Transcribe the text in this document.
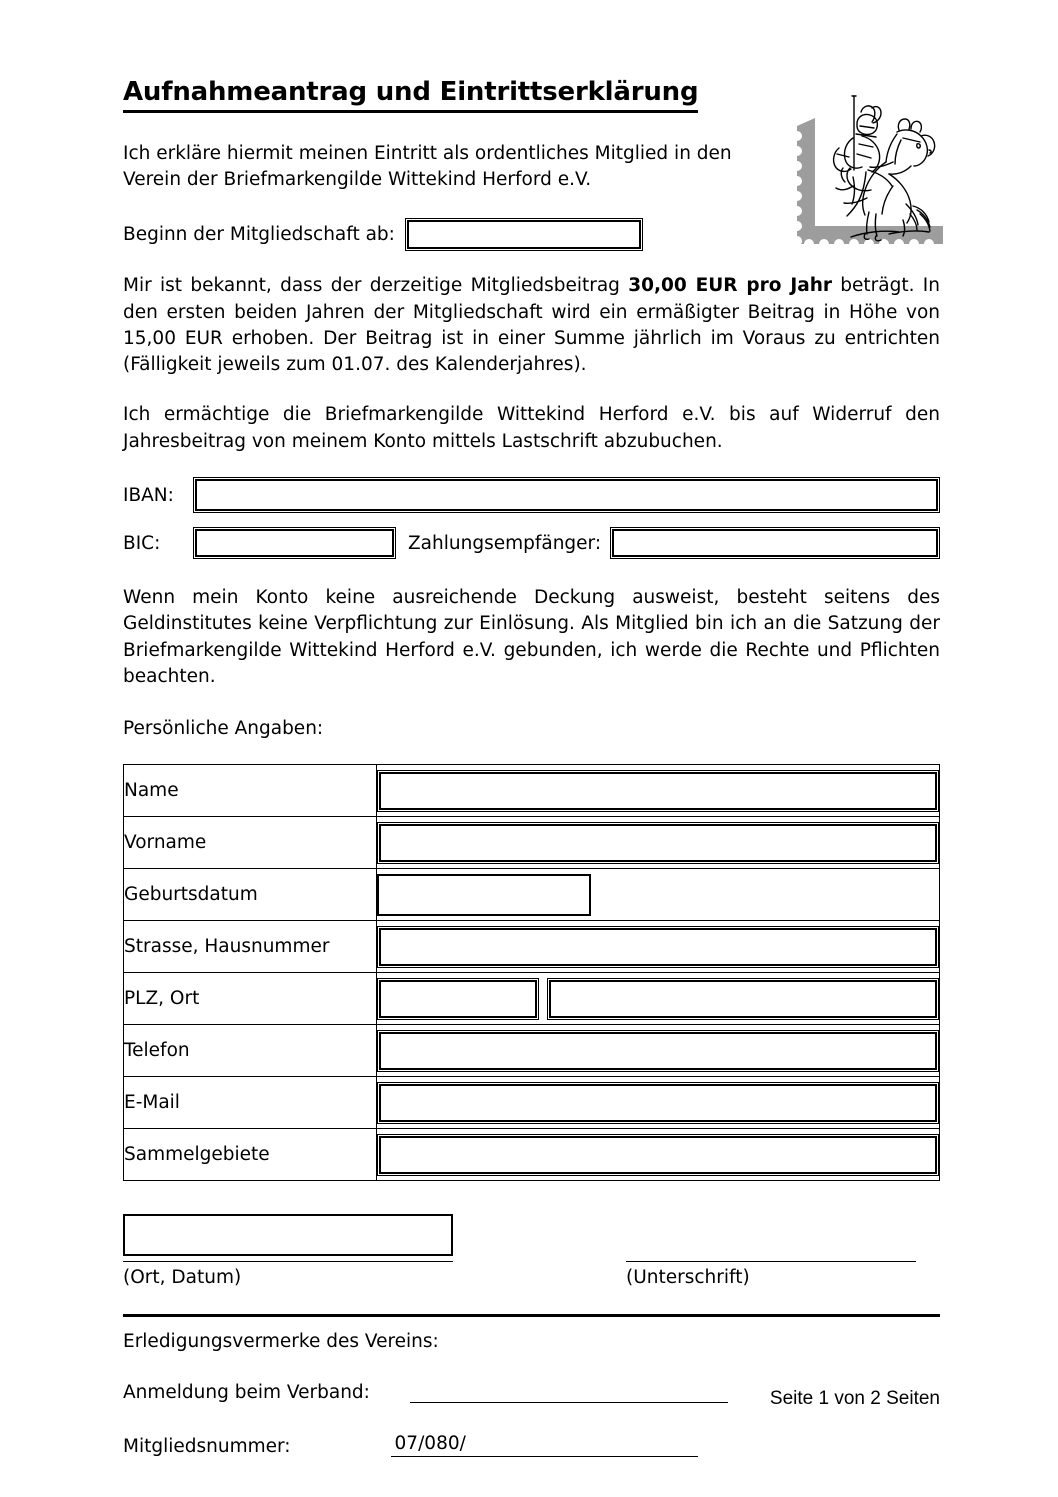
Aufnahmeantrag und Eintrittserklärung

Ich erkläre hiermit meinen Eintritt als ordentliches Mitglied in den Verein der Briefmarkengilde Wittekind Herford e.V.

Beginn der Mitgliedschaft ab:

Mir ist bekannt, dass der derzeitige Mitgliedsbeitrag 30,00 EUR pro Jahr beträgt. In den ersten beiden Jahren der Mitgliedschaft wird ein ermäßigter Beitrag in Höhe von 15,00 EUR erhoben. Der Beitrag ist in einer Summe jährlich im Voraus zu entrichten (Fälligkeit jeweils zum 01.07. des Kalenderjahres).

Ich ermächtige die Briefmarkengilde Wittekind Herford e.V. bis auf Widerruf den Jahresbeitrag von meinem Konto mittels Lastschrift abzubuchen.

IBAN:
BIC:	Zahlungsempfänger:

Wenn mein Konto keine ausreichende Deckung ausweist, besteht seitens des Geldinstitutes keine Verpflichtung zur Einlösung. Als Mitglied bin ich an die Satzung der Briefmarkengilde Wittekind Herford e.V. gebunden, ich werde die Rechte und Pflichten beachten.

Persönliche Angaben:

Name	

Vorname	

Geburtsdatum	

Strasse, Hausnummer	

PLZ, Ort	

Telefon	

E-Mail	

Sammelgebiete	
(Ort, Datum)	(Unterschrift)
Erledigungsvermerke des Vereins:
Anmeldung beim Verband:
Mitgliedsnummer:	07/080/
Seite 1 von 2 Seiten
